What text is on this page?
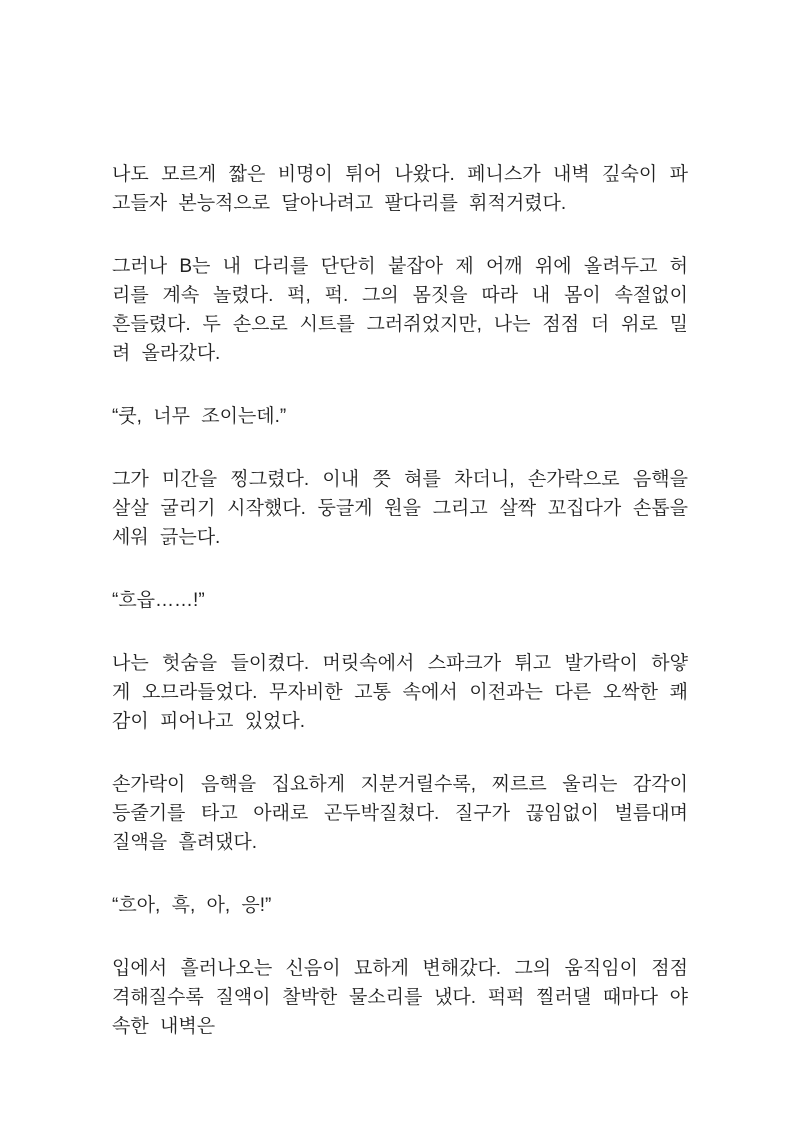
나도 모르게 짧은 비명이 튀어 나왔다. 페니스가 내벽 깊숙이 파고들자 본능적으로 달아나려고 팔다리를 휘적거렸다.

그러나 B는 내 다리를 단단히 붙잡아 제 어깨 위에 올려두고 허리를 계속 놀렸다. 퍽, 퍽. 그의 몸짓을 따라 내 몸이 속절없이 흔들렸다. 두 손으로 시트를 그러쥐었지만, 나는 점점 더 위로 밀려 올라갔다.

“쿳, 너무 조이는데.”

그가 미간을 찡그렸다. 이내 쯧 혀를 차더니, 손가락으로 음핵을 살살 굴리기 시작했다. 둥글게 원을 그리고 살짝 꼬집다가 손톱을 세워 긁는다.

“흐읍……!”

나는 헛숨을 들이켰다. 머릿속에서 스파크가 튀고 발가락이 하얗게 오므라들었다. 무자비한 고통 속에서 이전과는 다른 오싹한 쾌감이 피어나고 있었다.

손가락이 음핵을 집요하게 지분거릴수록, 찌르르 울리는 감각이 등줄기를 타고 아래로 곤두박질쳤다. 질구가 끊임없이 벌름대며 질액을 흘려댔다.

“흐아, 흑, 아, 응!”

입에서 흘러나오는 신음이 묘하게 변해갔다. 그의 움직임이 점점 격해질수록 질액이 찰박한 물소리를 냈다. 퍽퍽 찔러댈 때마다 야속한 내벽은
